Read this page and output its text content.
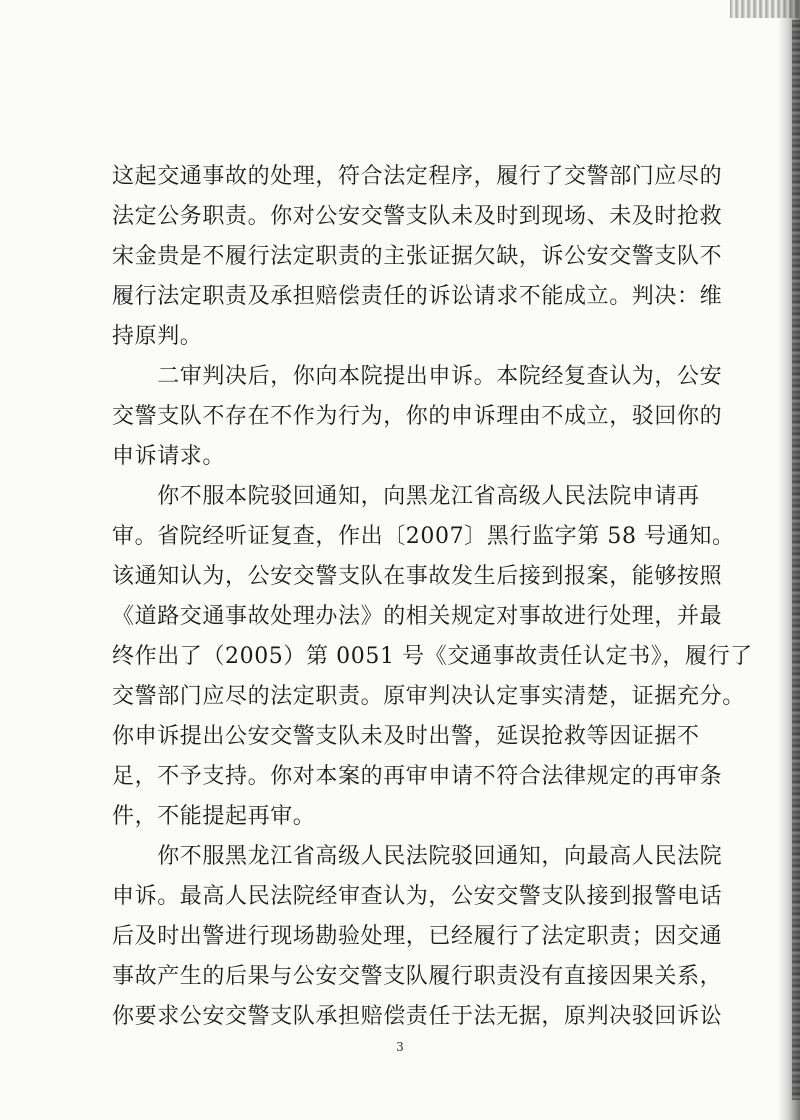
这起交通事故的处理，符合法定程序，履行了交警部门应尽的
法定公务职责。你对公安交警支队未及时到现场、未及时抢救
宋金贵是不履行法定职责的主张证据欠缺，诉公安交警支队不
履行法定职责及承担赔偿责任的诉讼请求不能成立。判决：维
持原判。
　　二审判决后，你向本院提出申诉。本院经复查认为，公安
交警支队不存在不作为行为，你的申诉理由不成立，驳回你的
申诉请求。
　　你不服本院驳回通知，向黑龙江省高级人民法院申请再
审。省院经听证复查，作出〔2007〕黑行监字第 58 号通知。
该通知认为，公安交警支队在事故发生后接到报案，能够按照
《道路交通事故处理办法》的相关规定对事故进行处理，并最
终作出了（2005）第 0051 号《交通事故责任认定书》，履行了
交警部门应尽的法定职责。原审判决认定事实清楚，证据充分。
你申诉提出公安交警支队未及时出警，延误抢救等因证据不
足，不予支持。你对本案的再审申请不符合法律规定的再审条
件，不能提起再审。
　　你不服黑龙江省高级人民法院驳回通知，向最高人民法院
申诉。最高人民法院经审查认为，公安交警支队接到报警电话
后及时出警进行现场勘验处理，已经履行了法定职责；因交通
事故产生的后果与公安交警支队履行职责没有直接因果关系，
你要求公安交警支队承担赔偿责任于法无据，原判决驳回诉讼
3
